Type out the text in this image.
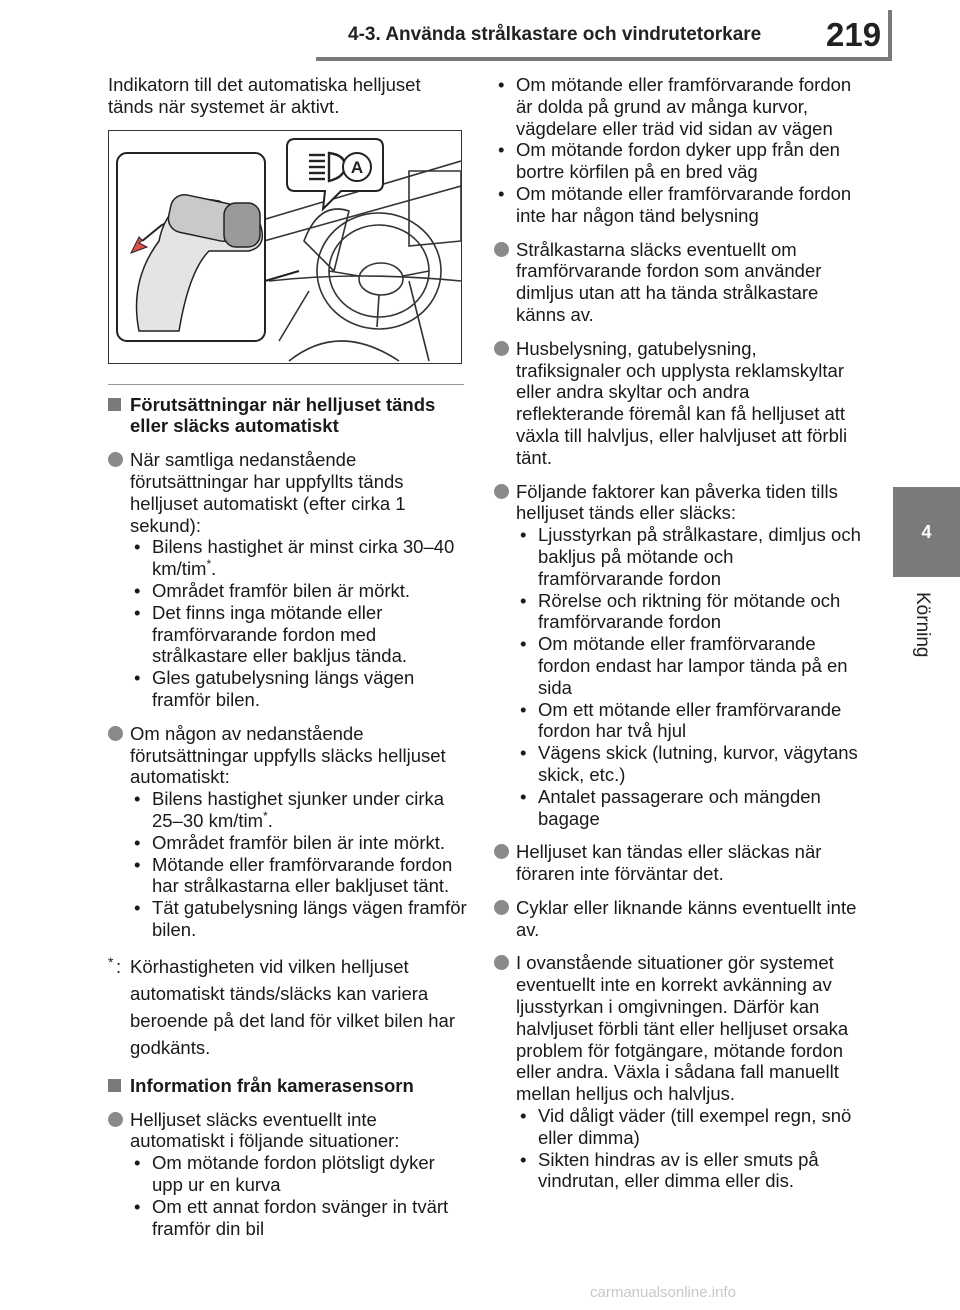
4-3. Använda strålkastare och vindrutetorkare 219
4
Körning

Indikatorn till det automatiska helljuset tänds när systemet är aktivt.

A
Förutsättningar när helljuset tänds eller släcks automatiskt
När samtliga nedanstående förutsättningar har uppfyllts tänds helljuset automatiskt (efter cirka 1 sekund):
• Bilens hastighet är minst cirka 30–40 km/tim*.
• Området framför bilen är mörkt.
• Det finns inga mötande eller framförvarande fordon med strålkastare eller bakljus tända.
• Gles gatubelysning längs vägen framför bilen.
Om någon av nedanstående förutsättningar uppfylls släcks helljuset automatiskt:
• Bilens hastighet sjunker under cirka 25–30 km/tim*.
• Området framför bilen är inte mörkt.
• Mötande eller framförvarande fordon har strålkastarna eller bakljuset tänt.
• Tät gatubelysning längs vägen framför bilen.
* : Körhastigheten vid vilken helljuset automatiskt tänds/släcks kan variera beroende på det land för vilket bilen har godkänts.
Information från kamerasensorn
Helljuset släcks eventuellt inte automatiskt i följande situationer:
• Om mötande fordon plötsligt dyker upp ur en kurva
• Om ett annat fordon svänger in tvärt framför din bil
• Om mötande eller framförvarande fordon är dolda på grund av många kurvor, vägdelare eller träd vid sidan av vägen
• Om mötande fordon dyker upp från den bortre körfilen på en bred väg
• Om mötande eller framförvarande fordon inte har någon tänd belysning
Strålkastarna släcks eventuellt om framförvarande fordon som använder dimljus utan att ha tända strålkastare känns av.
Husbelysning, gatubelysning, trafiksignaler och upplysta reklamskyltar eller andra skyltar och andra reflekterande föremål kan få helljuset att växla till halvljus, eller halvljuset att förbli tänt.
Följande faktorer kan påverka tiden tills helljuset tänds eller släcks:
• Ljusstyrkan på strålkastare, dimljus och bakljus på mötande och framförvarande fordon
• Rörelse och riktning för mötande och framförvarande fordon
• Om mötande eller framförvarande fordon endast har lampor tända på en sida
• Om ett mötande eller framförvarande fordon har två hjul
• Vägens skick (lutning, kurvor, vägytans skick, etc.)
• Antalet passagerare och mängden bagage
Helljuset kan tändas eller släckas när föraren inte förväntar det.
Cyklar eller liknande känns eventuellt inte av.
I ovanstående situationer gör systemet eventuellt inte en korrekt avkänning av ljusstyrkan i omgivningen. Därför kan halvljuset förbli tänt eller helljuset orsaka problem för fotgängare, mötande fordon eller andra. Växla i sådana fall manuellt mellan helljus och halvljus.
• Vid dåligt väder (till exempel regn, snö eller dimma)
• Sikten hindras av is eller smuts på vindrutan, eller dimma eller dis.
carmanualsonline.info
